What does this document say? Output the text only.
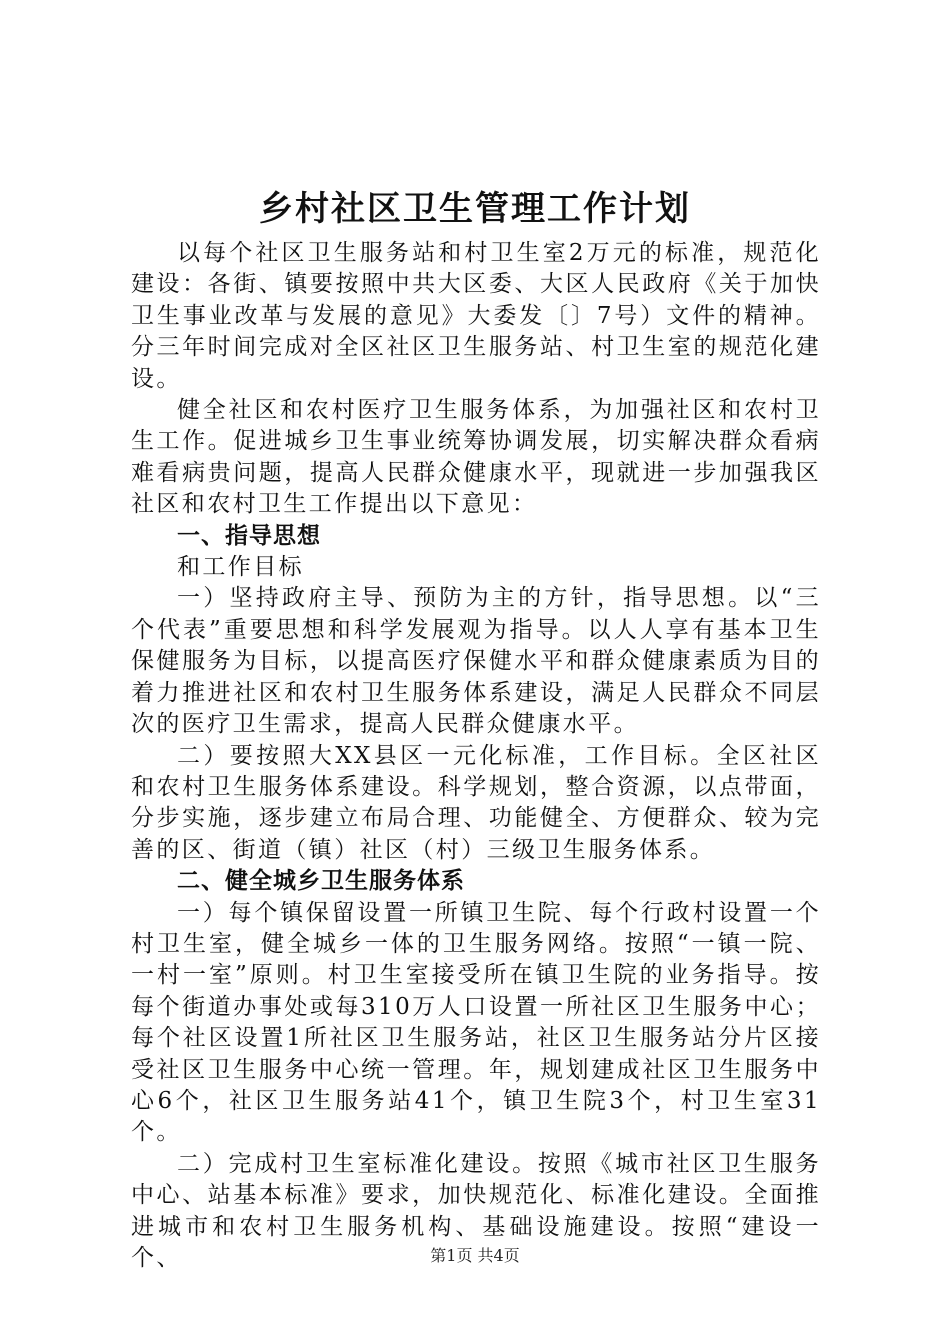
乡村社区卫生管理工作计划

以每个社区卫生服务站和村卫生室2万元的标准，规范化建设：各街、镇要按照中共大区委、大区人民政府《关于加快卫生事业改革与发展的意见》大委发〔〕7号）文件的精神。分三年时间完成对全区社区卫生服务站、村卫生室的规范化建设。

健全社区和农村医疗卫生服务体系，为加强社区和农村卫生工作。促进城乡卫生事业统筹协调发展，切实解决群众看病难看病贵问题，提高人民群众健康水平，现就进一步加强我区社区和农村卫生工作提出以下意见：

一、指导思想

和工作目标

一）坚持政府主导、预防为主的方针，指导思想。以“三个代表”重要思想和科学发展观为指导。以人人享有基本卫生保健服务为目标，以提高医疗保健水平和群众健康素质为目的着力推进社区和农村卫生服务体系建设，满足人民群众不同层次的医疗卫生需求，提高人民群众健康水平。

二）要按照大XX县区一元化标准，工作目标。全区社区和农村卫生服务体系建设。科学规划，整合资源，以点带面，分步实施，逐步建立布局合理、功能健全、方便群众、较为完善的区、街道（镇）社区（村）三级卫生服务体系。

二、健全城乡卫生服务体系

一）每个镇保留设置一所镇卫生院、每个行政村设置一个村卫生室，健全城乡一体的卫生服务网络。按照“一镇一院、一村一室”原则。村卫生室接受所在镇卫生院的业务指导。按每个街道办事处或每310万人口设置一所社区卫生服务中心；每个社区设置1所社区卫生服务站，社区卫生服务站分片区接受社区卫生服务中心统一管理。年，规划建成社区卫生服务中心6个，社区卫生服务站41个，镇卫生院3个，村卫生室31个。

二）完成村卫生室标准化建设。按照《城市社区卫生服务中心、站基本标准》要求，加快规范化、标准化建设。全面推进城市和农村卫生服务机构、基础设施建设。按照“建设一个、	第1页 共4页
